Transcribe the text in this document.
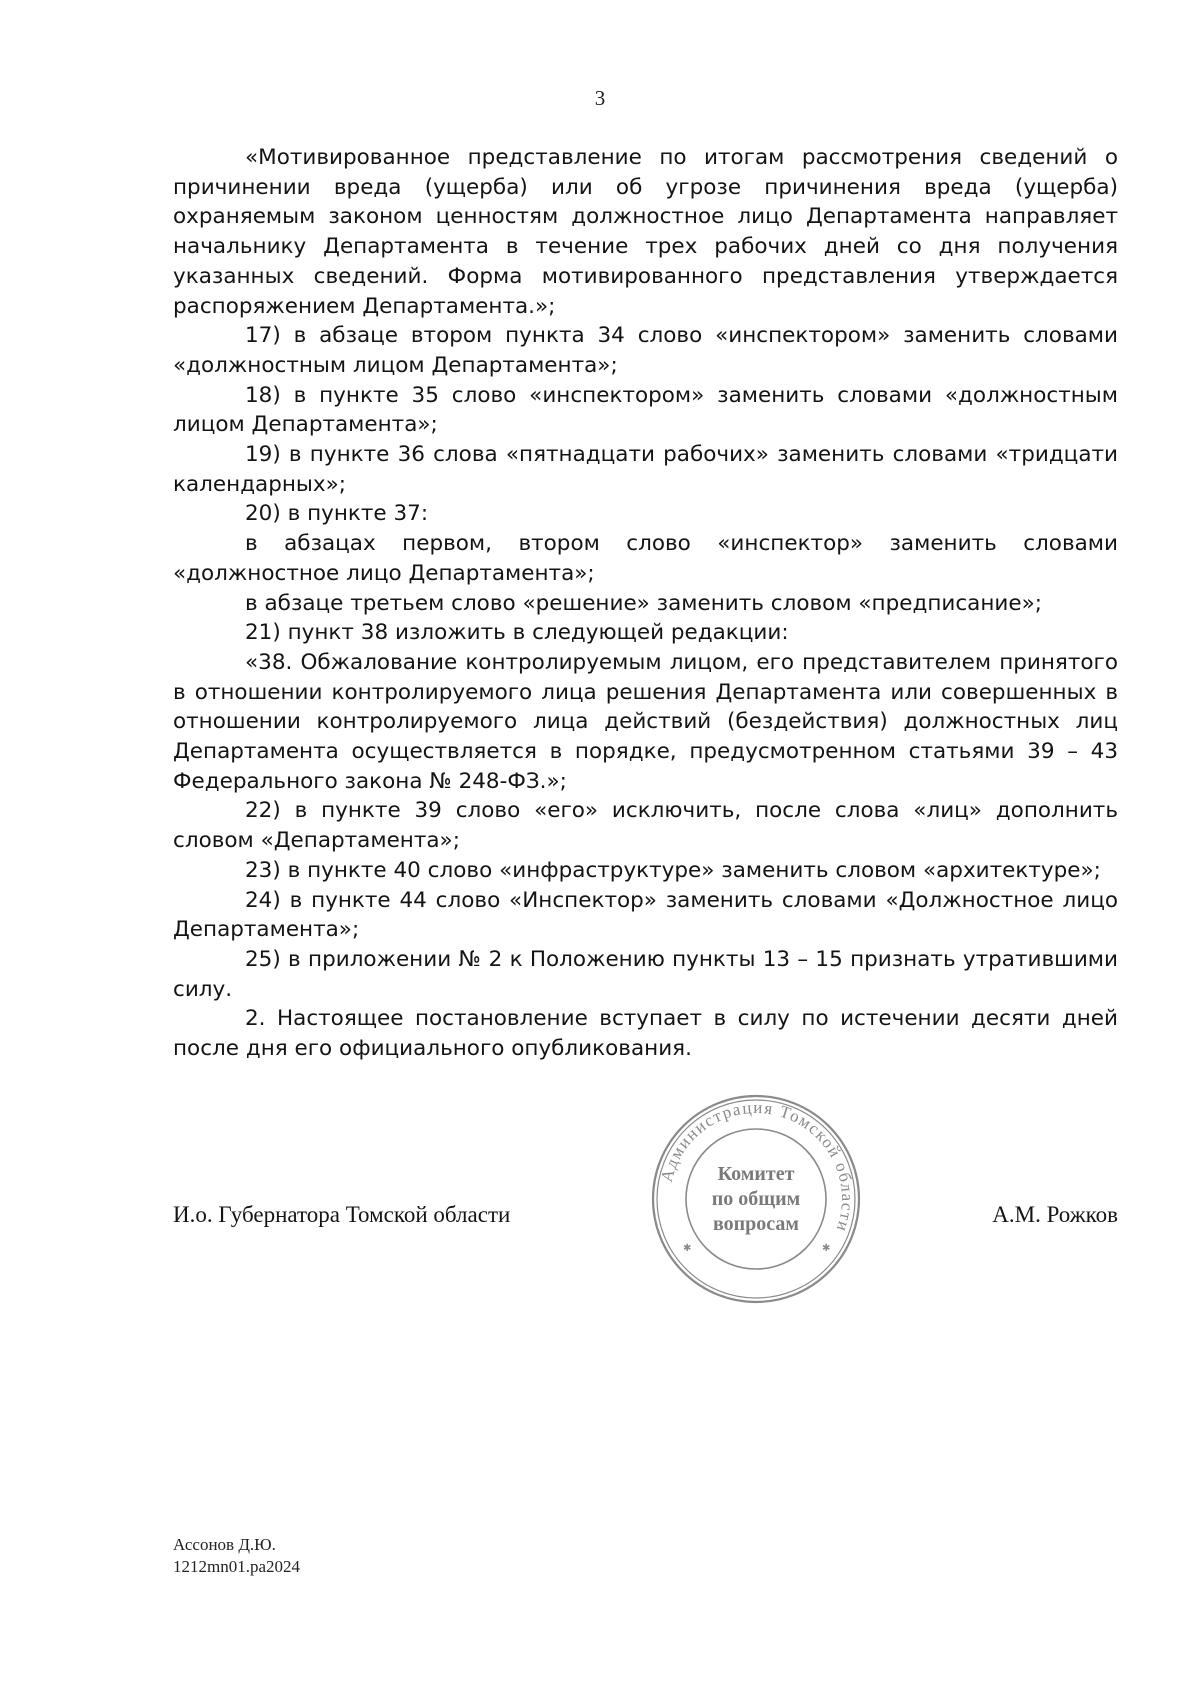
3

«Мотивированное представление по итогам рассмотрения сведений о причинении вреда (ущерба) или об угрозе причинения вреда (ущерба) охраняемым законом ценностям должностное лицо Департамента направляет начальнику Департамента в течение трех рабочих дней со дня получения указанных сведений. Форма мотивированного представления утверждается распоряжением Департамента.»;

17) в абзаце втором пункта 34 слово «инспектором» заменить словами «должностным лицом Департамента»;

18) в пункте 35 слово «инспектором» заменить словами «должностным лицом Департамента»;

19) в пункте 36 слова «пятнадцати рабочих» заменить словами «тридцати календарных»;

20) в пункте 37:

в абзацах первом, втором слово «инспектор» заменить словами «должностное лицо Департамента»;

в абзаце третьем слово «решение» заменить словом «предписание»;

21) пункт 38 изложить в следующей редакции:

«38. Обжалование контролируемым лицом, его представителем принятого в отношении контролируемого лица решения Департамента или совершенных в отношении контролируемого лица действий (бездействия) должностных лиц Департамента осуществляется в порядке, предусмотренном статьями 39 – 43 Федерального закона № 248-ФЗ.»;

22) в пункте 39 слово «его» исключить, после слова «лиц» дополнить словом «Департамента»;

23) в пункте 40 слово «инфраструктуре» заменить словом «архитектуре»;

24) в пункте 44 слово «Инспектор» заменить словами «Должностное лицо Департамента»;

25) в приложении № 2 к Положению пункты 13 – 15 признать утратившими силу.

2. Настоящее постановление вступает в силу по истечении десяти дней после дня его официального опубликования.

И.о. Губернатора Томской области	А.М. Рожков
Администрация Томской области
✱	✱
Комитет
по общим
вопросам
Ассонов Д.Ю.
1212mn01.pa2024
